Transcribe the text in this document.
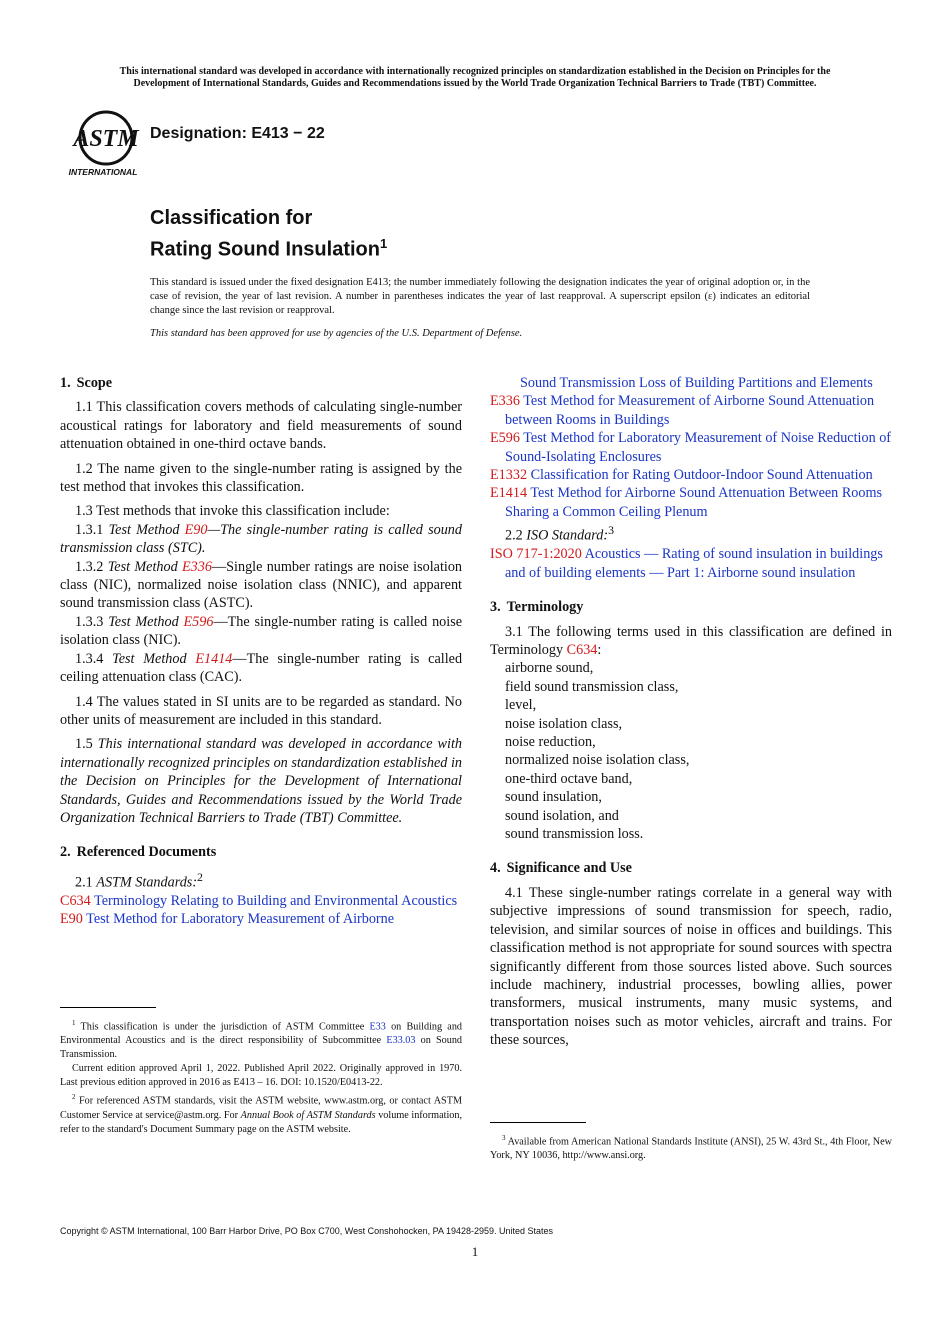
This international standard was developed in accordance with internationally recognized principles on standardization established in the Decision on Principles for the
Development of International Standards, Guides and Recommendations issued by the World Trade Organization Technical Barriers to Trade (TBT) Committee.
ASTM
INTERNATIONAL
Designation: E413 − 22
Classification for
Rating Sound Insulation$^1$
This standard is issued under the fixed designation E413; the number immediately following the designation indicates the year of original adoption or, in the case of revision, the year of last revision. A number in parentheses indicates the year of last reapproval. A superscript epsilon (ε) indicates an editorial change since the last revision or reapproval.
This standard has been approved for use by agencies of the U.S. Department of Defense.
1. Scope

1.1 This classification covers methods of calculating single-number acoustical ratings for laboratory and field measurements of sound attenuation obtained in one-third octave bands.

1.2 The name given to the single-number rating is assigned by the test method that invokes this classification.

1.3 Test methods that invoke this classification include:

1.3.1 Test Method E90—The single-number rating is called sound transmission class (STC).

1.3.2 Test Method E336—Single number ratings are noise isolation class (NIC), normalized noise isolation class (NNIC), and apparent sound transmission class (ASTC).

1.3.3 Test Method E596—The single-number rating is called noise isolation class (NIC).

1.3.4 Test Method E1414—The single-number rating is called ceiling attenuation class (CAC).

1.4 The values stated in SI units are to be regarded as standard. No other units of measurement are included in this standard.

1.5 This international standard was developed in accordance with internationally recognized principles on standardization established in the Decision on Principles for the Development of International Standards, Guides and Recommendations issued by the World Trade Organization Technical Barriers to Trade (TBT) Committee.

2. Referenced Documents

2.1 ASTM Standards:$^2$

C634 Terminology Relating to Building and Environmental Acoustics

E90 Test Method for Laboratory Measurement of Airborne

Sound Transmission Loss of Building Partitions and Elements

E336 Test Method for Measurement of Airborne Sound Attenuation between Rooms in Buildings

E596 Test Method for Laboratory Measurement of Noise Reduction of Sound-Isolating Enclosures

E1332 Classification for Rating Outdoor-Indoor Sound Attenuation

E1414 Test Method for Airborne Sound Attenuation Between Rooms Sharing a Common Ceiling Plenum

2.2 ISO Standard:$^3$

ISO 717-1:2020 Acoustics — Rating of sound insulation in buildings and of building elements — Part 1: Airborne sound insulation

3. Terminology

3.1 The following terms used in this classification are defined in Terminology C634:

airborne sound,
field sound transmission class,
level,
noise isolation class,
noise reduction,
normalized noise isolation class,
one-third octave band,
sound insulation,
sound isolation, and
sound transmission loss.
4. Significance and Use

4.1 These single-number ratings correlate in a general way with subjective impressions of sound transmission for speech, radio, television, and similar sources of noise in offices and buildings. This classification method is not appropriate for sound sources with spectra significantly different from those sources listed above. Such sources include machinery, industrial processes, bowling allies, power transformers, musical instruments, many music systems, and transportation noises such as motor vehicles, aircraft and trains. For these sources,

$^1$ This classification is under the jurisdiction of ASTM Committee E33 on Building and Environmental Acoustics and is the direct responsibility of Subcommittee E33.03 on Sound Transmission.

Current edition approved April 1, 2022. Published April 2022. Originally approved in 1970. Last previous edition approved in 2016 as E413 – 16. DOI: 10.1520/E0413-22.

$^2$ For referenced ASTM standards, visit the ASTM website, www.astm.org, or contact ASTM Customer Service at service@astm.org. For Annual Book of ASTM Standards volume information, refer to the standard's Document Summary page on the ASTM website.

$^3$ Available from American National Standards Institute (ANSI), 25 W. 43rd St., 4th Floor, New York, NY 10036, http://www.ansi.org.

Copyright © ASTM International, 100 Barr Harbor Drive, PO Box C700, West Conshohocken, PA 19428-2959. United States
1
